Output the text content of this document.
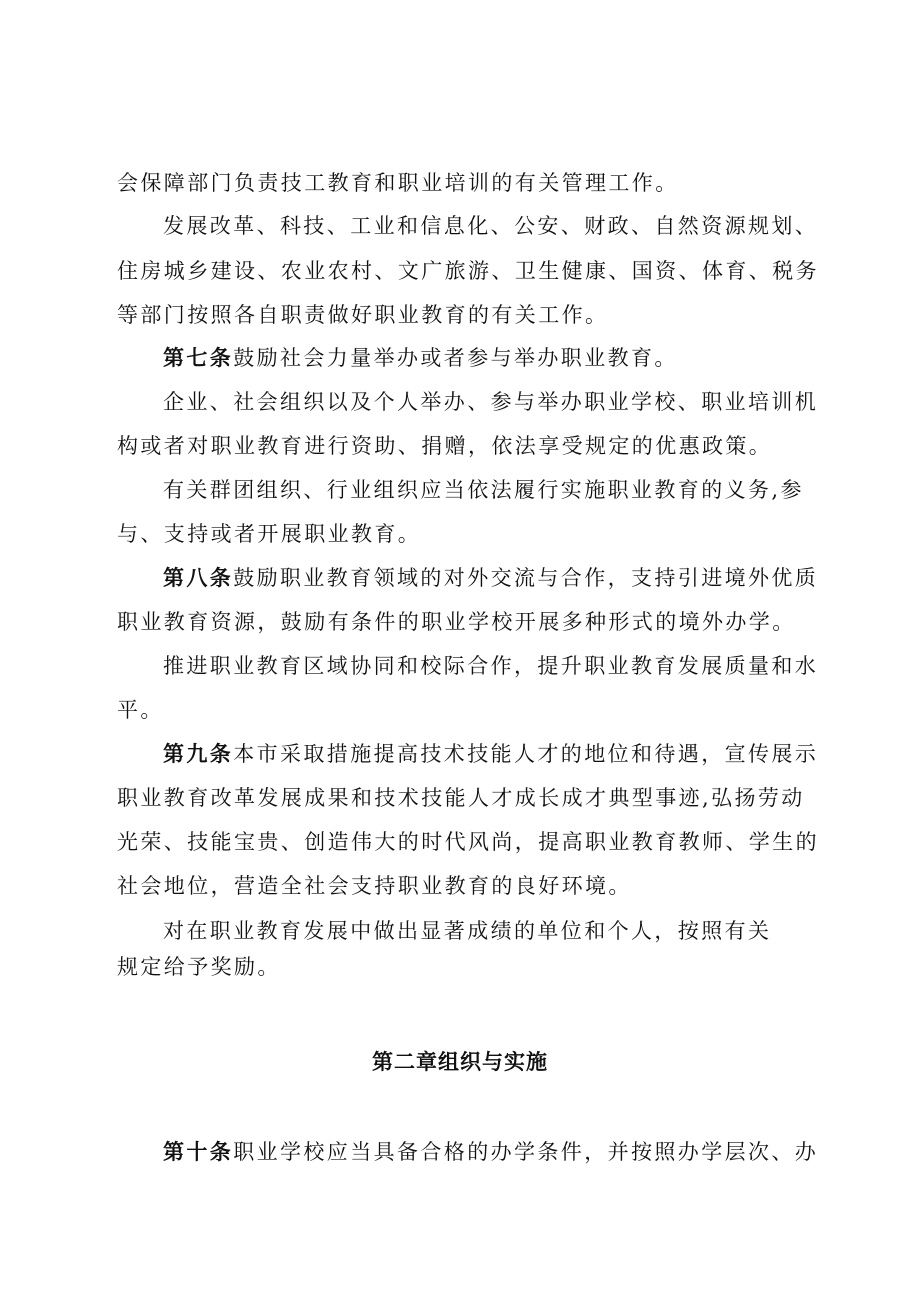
会保障部门负责技工教育和职业培训的有关管理工作。
发展改革、科技、工业和信息化、公安、财政、自然资源规划、
住房城乡建设、农业农村、文广旅游、卫生健康、国资、体育、税务
等部门按照各自职责做好职业教育的有关工作。
第七条鼓励社会力量举办或者参与举办职业教育。
企业、社会组织以及个人举办、参与举办职业学校、职业培训机
构或者对职业教育进行资助、捐赠，依法享受规定的优惠政策。
有关群团组织、行业组织应当依法履行实施职业教育的义务,参
与、支持或者开展职业教育。
第八条鼓励职业教育领域的对外交流与合作，支持引进境外优质
职业教育资源，鼓励有条件的职业学校开展多种形式的境外办学。
推进职业教育区域协同和校际合作，提升职业教育发展质量和水
平。
第九条本市采取措施提高技术技能人才的地位和待遇，宣传展示
职业教育改革发展成果和技术技能人才成长成才典型事迹,弘扬劳动
光荣、技能宝贵、创造伟大的时代风尚，提高职业教育教师、学生的
社会地位，营造全社会支持职业教育的良好环境。
对在职业教育发展中做出显著成绩的单位和个人，按照有关
规定给予奖励。
第二章组织与实施
第十条职业学校应当具备合格的办学条件，并按照办学层次、办
